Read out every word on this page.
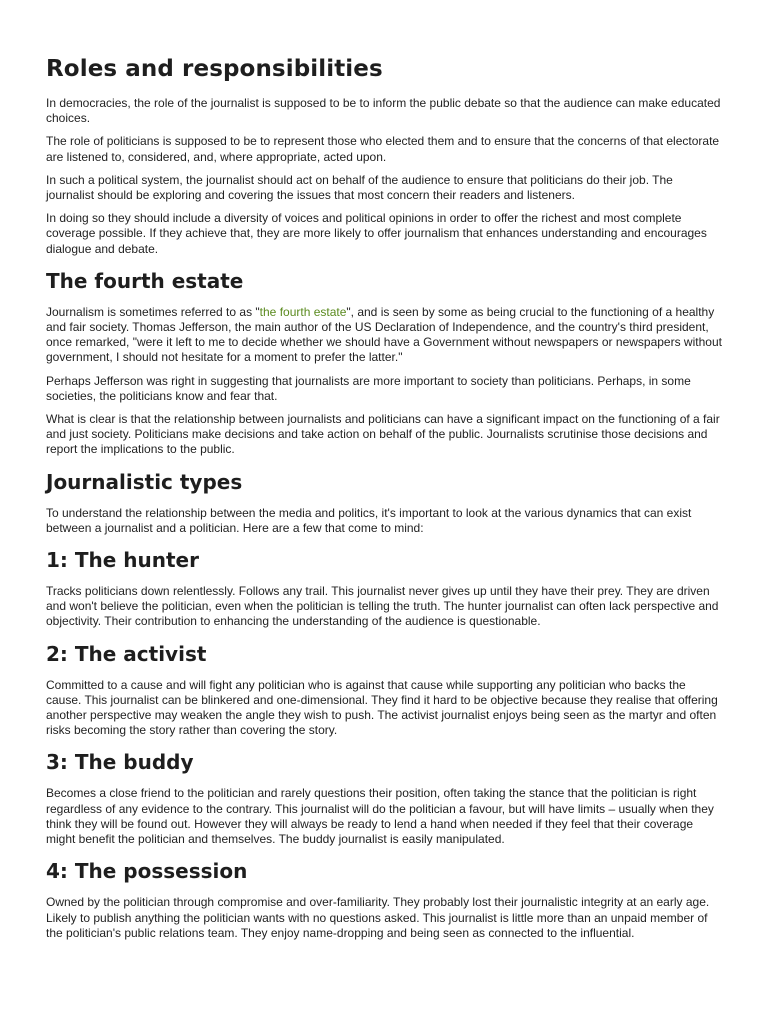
Roles and responsibilities

In democracies, the role of the journalist is supposed to be to inform the public debate so that the audience can make educated choices.

The role of politicians is supposed to be to represent those who elected them and to ensure that the concerns of that electorate are listened to, considered, and, where appropriate, acted upon.

In such a political system, the journalist should act on behalf of the audience to ensure that politicians do their job. The journalist should be exploring and covering the issues that most concern their readers and listeners.

In doing so they should include a diversity of voices and political opinions in order to offer the richest and most complete coverage possible. If they achieve that, they are more likely to offer journalism that enhances understanding and encourages dialogue and debate.

The fourth estate

Journalism is sometimes referred to as "the fourth estate", and is seen by some as being crucial to the functioning of a healthy and fair society. Thomas Jefferson, the main author of the US Declaration of Independence, and the country's third president, once remarked, "were it left to me to decide whether we should have a Government without newspapers or newspapers without government, I should not hesitate for a moment to prefer the latter."

Perhaps Jefferson was right in suggesting that journalists are more important to society than politicians. Perhaps, in some societies, the politicians know and fear that.

What is clear is that the relationship between journalists and politicians can have a significant impact on the functioning of a fair and just society. Politicians make decisions and take action on behalf of the public. Journalists scrutinise those decisions and report the implications to the public.

Journalistic types

To understand the relationship between the media and politics, it's important to look at the various dynamics that can exist between a journalist and a politician. Here are a few that come to mind:

1: The hunter

Tracks politicians down relentlessly. Follows any trail. This journalist never gives up until they have their prey. They are driven and won't believe the politician, even when the politician is telling the truth. The hunter journalist can often lack perspective and objectivity. Their contribution to enhancing the understanding of the audience is questionable.

2: The activist

Committed to a cause and will fight any politician who is against that cause while supporting any politician who backs the cause. This journalist can be blinkered and one-dimensional. They find it hard to be objective because they realise that offering another perspective may weaken the angle they wish to push. The activist journalist enjoys being seen as the martyr and often risks becoming the story rather than covering the story.

3: The buddy

Becomes a close friend to the politician and rarely questions their position, often taking the stance that the politician is right regardless of any evidence to the contrary. This journalist will do the politician a favour, but will have limits – usually when they think they will be found out. However they will always be ready to lend a hand when needed if they feel that their coverage might benefit the politician and themselves. The buddy journalist is easily manipulated.

4: The possession

Owned by the politician through compromise and over-familiarity. They probably lost their journalistic integrity at an early age. Likely to publish anything the politician wants with no questions asked. This journalist is little more than an unpaid member of the politician's public relations team. They enjoy name-dropping and being seen as connected to the influential.
